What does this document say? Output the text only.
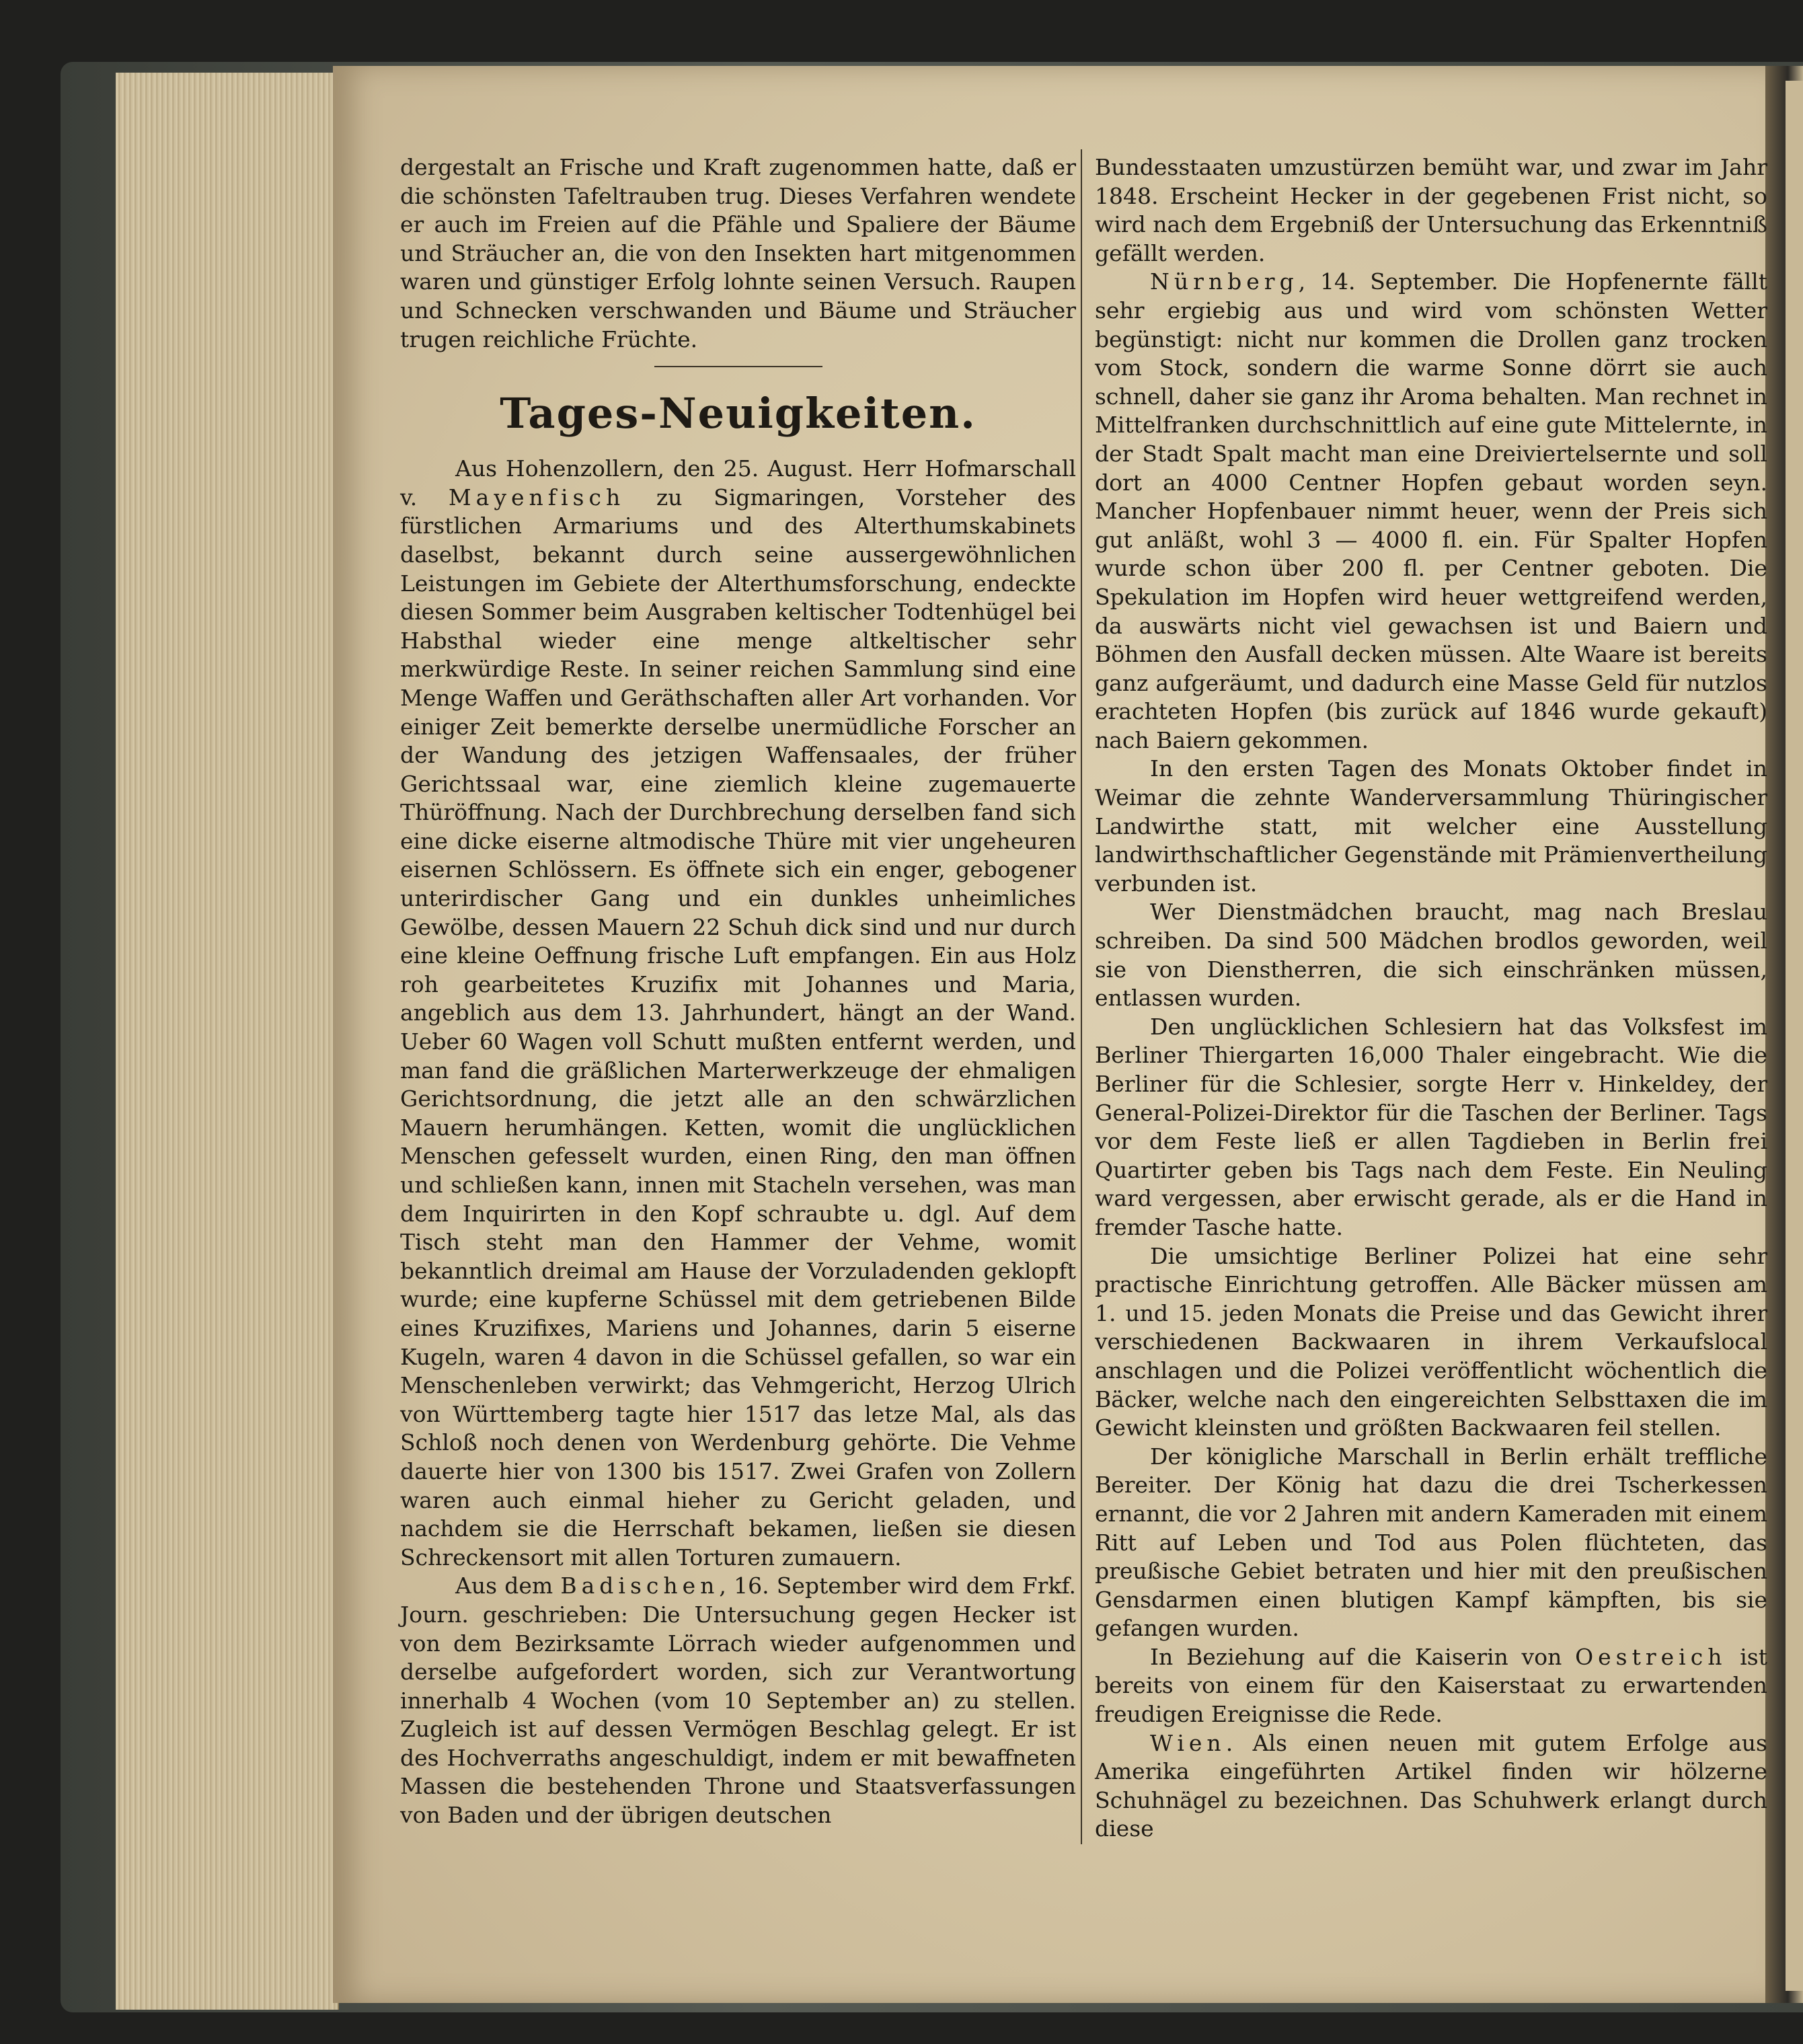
dergestalt an Frische und Kraft zugenommen hatte, daß er die schönsten Tafeltrauben trug. Dieses Verfahren wendete er auch im Freien auf die Pfähle und Spaliere der Bäume und Sträucher an, die von den Insekten hart mitgenommen waren und günstiger Erfolg lohnte seinen Versuch. Raupen und Schnecken verschwanden und Bäume und Sträucher trugen reichliche Früchte.

Tages-Neuigkeiten.

Aus Hohenzollern, den 25. August. Herr Hofmarschall v. Mayenfisch zu Sigmaringen, Vorsteher des fürstlichen Armariums und des Alterthumskabinets daselbst, bekannt durch seine aussergewöhnlichen Leistungen im Gebiete der Alterthumsforschung, endeckte diesen Sommer beim Ausgraben keltischer Todtenhügel bei Habsthal wieder eine menge altkeltischer sehr merkwürdige Reste. In seiner reichen Sammlung sind eine Menge Waffen und Geräthschaften aller Art vorhanden. Vor einiger Zeit bemerkte derselbe unermüdliche Forscher an der Wandung des jetzigen Waffensaales, der früher Gerichtssaal war, eine ziemlich kleine zugemauerte Thüröffnung. Nach der Durchbrechung derselben fand sich eine dicke eiserne altmodische Thüre mit vier ungeheuren eisernen Schlössern. Es öffnete sich ein enger, gebogener unterirdischer Gang und ein dunkles unheimliches Gewölbe, dessen Mauern 22 Schuh dick sind und nur durch eine kleine Oeffnung frische Luft empfangen. Ein aus Holz roh gearbeitetes Kruzifix mit Johannes und Maria, angeblich aus dem 13. Jahrhundert, hängt an der Wand. Ueber 60 Wagen voll Schutt mußten entfernt werden, und man fand die gräßlichen Marterwerkzeuge der ehmaligen Gerichtsordnung, die jetzt alle an den schwärzlichen Mauern herumhängen. Ketten, womit die unglücklichen Menschen gefesselt wurden, einen Ring, den man öffnen und schließen kann, innen mit Stacheln versehen, was man dem Inquirirten in den Kopf schraubte u. dgl. Auf dem Tisch steht man den Hammer der Vehme, womit bekanntlich dreimal am Hause der Vorzuladenden geklopft wurde; eine kupferne Schüssel mit dem getriebenen Bilde eines Kruzifixes, Mariens und Johannes, darin 5 eiserne Kugeln, waren 4 davon in die Schüssel gefallen, so war ein Menschenleben verwirkt; das Vehmgericht, Herzog Ulrich von Württemberg tagte hier 1517 das letze Mal, als das Schloß noch denen von Werdenburg gehörte. Die Vehme dauerte hier von 1300 bis 1517. Zwei Grafen von Zollern waren auch einmal hieher zu Gericht geladen, und nachdem sie die Herrschaft bekamen, ließen sie diesen Schreckensort mit allen Torturen zumauern.

Aus dem Badischen, 16. September wird dem Frkf. Journ. geschrieben: Die Untersuchung gegen Hecker ist von dem Bezirksamte Lörrach wieder aufgenommen und derselbe aufgefordert worden, sich zur Verantwortung innerhalb 4 Wochen (vom 10 September an) zu stellen. Zugleich ist auf dessen Vermögen Beschlag gelegt. Er ist des Hochverraths angeschuldigt, indem er mit bewaffneten Massen die bestehenden Throne und Staatsverfassungen von Baden und der übrigen deutschen

Bundesstaaten umzustürzen bemüht war, und zwar im Jahr 1848. Erscheint Hecker in der gegebenen Frist nicht, so wird nach dem Ergebniß der Untersuchung das Erkenntniß gefällt werden.

Nürnberg, 14. September. Die Hopfenernte fällt sehr ergiebig aus und wird vom schönsten Wetter begünstigt: nicht nur kommen die Drollen ganz trocken vom Stock, sondern die warme Sonne dörrt sie auch schnell, daher sie ganz ihr Aroma behalten. Man rechnet in Mittelfranken durchschnittlich auf eine gute Mittelernte, in der Stadt Spalt macht man eine Dreiviertelsernte und soll dort an 4000 Centner Hopfen gebaut worden seyn. Mancher Hopfenbauer nimmt heuer, wenn der Preis sich gut anläßt, wohl 3 — 4000 fl. ein. Für Spalter Hopfen wurde schon über 200 fl. per Centner geboten. Die Spekulation im Hopfen wird heuer wettgreifend werden, da auswärts nicht viel gewachsen ist und Baiern und Böhmen den Ausfall decken müssen. Alte Waare ist bereits ganz aufgeräumt, und dadurch eine Masse Geld für nutzlos erachteten Hopfen (bis zurück auf 1846 wurde gekauft) nach Baiern gekommen.

In den ersten Tagen des Monats Oktober findet in Weimar die zehnte Wanderversammlung Thüringischer Landwirthe statt, mit welcher eine Ausstellung landwirthschaftlicher Gegenstände mit Prämienvertheilung verbunden ist.

Wer Dienstmädchen braucht, mag nach Breslau schreiben. Da sind 500 Mädchen brodlos geworden, weil sie von Dienstherren, die sich einschränken müssen, entlassen wurden.

Den unglücklichen Schlesiern hat das Volksfest im Berliner Thiergarten 16,000 Thaler eingebracht. Wie die Berliner für die Schlesier, sorgte Herr v. Hinkeldey, der General-Polizei-Direktor für die Taschen der Berliner. Tags vor dem Feste ließ er allen Tagdieben in Berlin frei Quartirter geben bis Tags nach dem Feste. Ein Neuling ward vergessen, aber erwischt gerade, als er die Hand in fremder Tasche hatte.

Die umsichtige Berliner Polizei hat eine sehr practische Einrichtung getroffen. Alle Bäcker müssen am 1. und 15. jeden Monats die Preise und das Gewicht ihrer verschiedenen Backwaaren in ihrem Verkaufslocal anschlagen und die Polizei veröffentlicht wöchentlich die Bäcker, welche nach den eingereichten Selbsttaxen die im Gewicht kleinsten und größten Backwaaren feil stellen.

Der königliche Marschall in Berlin erhält treffliche Bereiter. Der König hat dazu die drei Tscherkessen ernannt, die vor 2 Jahren mit andern Kameraden mit einem Ritt auf Leben und Tod aus Polen flüchteten, das preußische Gebiet betraten und hier mit den preußischen Gensdarmen einen blutigen Kampf kämpften, bis sie gefangen wurden.

In Beziehung auf die Kaiserin von Oestreich ist bereits von einem für den Kaiserstaat zu erwartenden freudigen Ereignisse die Rede.

Wien. Als einen neuen mit gutem Erfolge aus Amerika eingeführten Artikel finden wir hölzerne Schuhnägel zu bezeichnen. Das Schuhwerk erlangt durch diese
